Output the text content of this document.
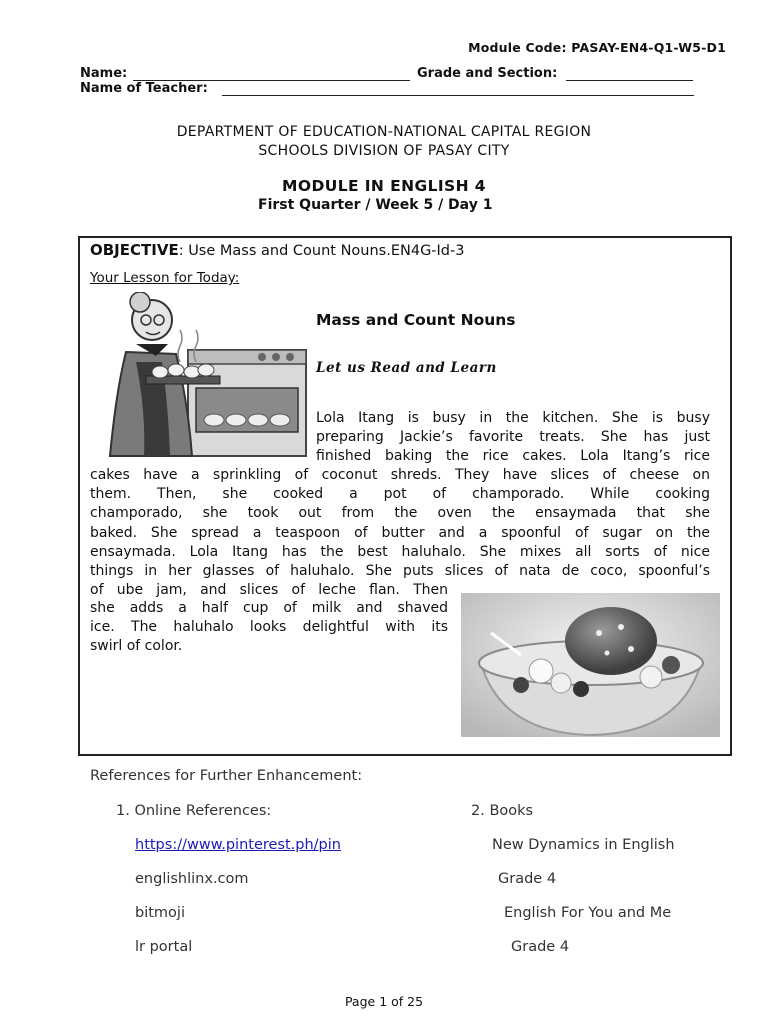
Module Code: PASAY-EN4-Q1-W5-D1
Name:	Grade and Section:
Name of Teacher:
DEPARTMENT OF EDUCATION-NATIONAL CAPITAL REGION
SCHOOLS DIVISION OF PASAY CITY
MODULE IN ENGLISH 4
First Quarter / Week 5 / Day 1
OBJECTIVE: Use Mass and Count Nouns.EN4G-Id-3
Your Lesson for Today:
Mass and Count Nouns
Let us Read and Learn
Lola Itang is busy in the kitchen. She is busy
preparing Jackie’s favorite treats. She has just
finished baking the rice cakes. Lola Itang’s rice
cakes have a sprinkling of coconut shreds. They have slices of cheese on
them. Then, she cooked a pot of champorado. While cooking
champorado, she took out from the oven the ensaymada that she
baked. She spread a teaspoon of butter and a spoonful of sugar on the
ensaymada. Lola Itang has the best haluhalo. She mixes all sorts of nice
things in her glasses of haluhalo. She puts slices of nata de coco, spoonful’s
of ube jam, and slices of leche flan. Then
she adds a half cup of milk and shaved
ice. The haluhalo looks delightful with its
swirl of color.
References for Further Enhancement:
1. Online References:	2. Books
https://www.pinterest.ph/pin
englishlinx.com
bitmoji
lr portal
New Dynamics in English
Grade 4
English For You and Me
Grade 4
Page 1 of 25
